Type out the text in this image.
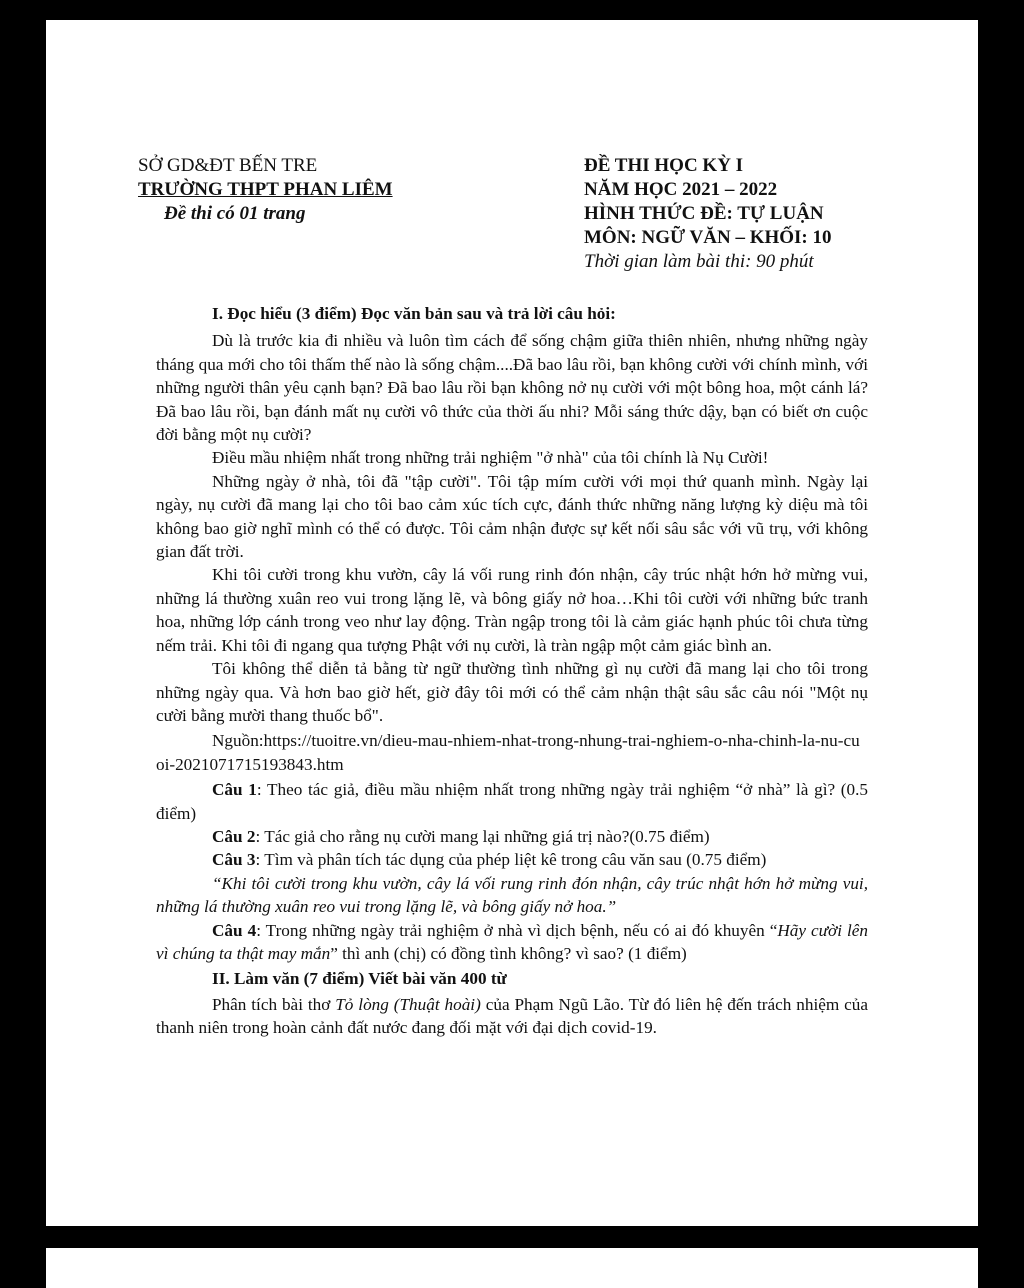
SỞ GD&ĐT BẾN TRE
TRƯỜNG THPT PHAN LIÊM
Đề thi có 01 trang
ĐỀ THI HỌC KỲ I
NĂM HỌC 2021 – 2022
HÌNH THỨC ĐỀ: TỰ LUẬN
MÔN: NGỮ VĂN – KHỐI: 10
Thời gian làm bài thi: 90 phút

I. Đọc hiểu (3 điểm) Đọc văn bản sau và trả lời câu hỏi:

Dù là trước kia đi nhiều và luôn tìm cách để sống chậm giữa thiên nhiên, nhưng những ngày tháng qua mới cho tôi thấm thế nào là sống chậm....Đã bao lâu rồi, bạn không cười với chính mình, với những người thân yêu cạnh bạn? Đã bao lâu rồi bạn không nở nụ cười với một bông hoa, một cánh lá? Đã bao lâu rồi, bạn đánh mất nụ cười vô thức của thời ấu nhi? Mỗi sáng thức dậy, bạn có biết ơn cuộc đời bằng một nụ cười?

Điều mầu nhiệm nhất trong những trải nghiệm "ở nhà" của tôi chính là Nụ Cười!

Những ngày ở nhà, tôi đã "tập cười". Tôi tập mím cười với mọi thứ quanh mình. Ngày lại ngày, nụ cười đã mang lại cho tôi bao cảm xúc tích cực, đánh thức những năng lượng kỳ diệu mà tôi không bao giờ nghĩ mình có thể có được. Tôi cảm nhận được sự kết nối sâu sắc với vũ trụ, với không gian đất trời.

Khi tôi cười trong khu vườn, cây lá vối rung rinh đón nhận, cây trúc nhật hớn hở mừng vui, những lá thường xuân reo vui trong lặng lẽ, và bông giấy nở hoa…Khi tôi cười với những bức tranh hoa, những lớp cánh trong veo như lay động. Tràn ngập trong tôi là cảm giác hạnh phúc tôi chưa từng nếm trải. Khi tôi đi ngang qua tượng Phật với nụ cười, là tràn ngập một cảm giác bình an.

Tôi không thể diễn tả bằng từ ngữ thường tình những gì nụ cười đã mang lại cho tôi trong những ngày qua. Và hơn bao giờ hết, giờ đây tôi mới có thể cảm nhận thật sâu sắc câu nói "Một nụ cười bằng mười thang thuốc bổ".

Nguồn:https://tuoitre.vn/dieu-mau-nhiem-nhat-trong-nhung-trai-nghiem-o-nha-chinh-la-nu-cuoi-2021071715193843.htm

Câu 1: Theo tác giả, điều mầu nhiệm nhất trong những ngày trải nghiệm “ở nhà” là gì? (0.5 điểm)

Câu 2: Tác giả cho rằng nụ cười mang lại những giá trị nào?(0.75 điểm)

Câu 3: Tìm và phân tích tác dụng của phép liệt kê trong câu văn sau (0.75 điểm)

“Khi tôi cười trong khu vườn, cây lá vối rung rinh đón nhận, cây trúc nhật hớn hở mừng vui, những lá thường xuân reo vui trong lặng lẽ, và bông giấy nở hoa.”

Câu 4: Trong những ngày trải nghiệm ở nhà vì dịch bệnh, nếu có ai đó khuyên “Hãy cười lên vì chúng ta thật may mắn” thì anh (chị) có đồng tình không? vì sao? (1 điểm)

II. Làm văn (7 điểm) Viết bài văn 400 từ

Phân tích bài thơ Tỏ lòng (Thuật hoài) của Phạm Ngũ Lão. Từ đó liên hệ đến trách nhiệm của thanh niên trong hoàn cảnh đất nước đang đối mặt với đại dịch covid-19.
